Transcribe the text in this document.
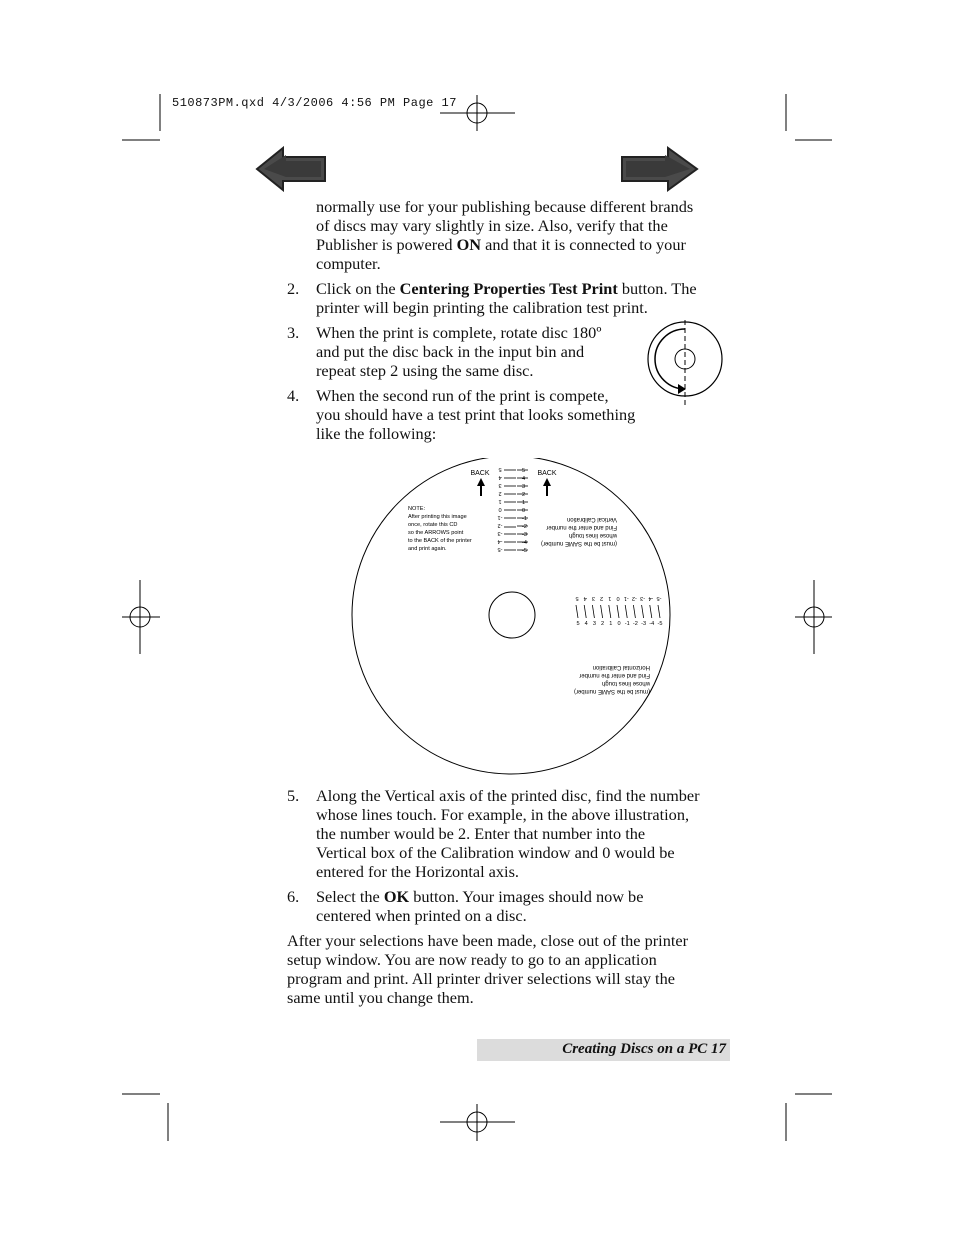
510873PM.qxd 4/3/2006 4:56 PM Page 17
normally use for your publishing because different brands
of discs may vary slightly in size. Also, verify that the
Publisher is powered ON and that it is connected to your
computer.
2. Click on the Centering Properties Test Print button. The
printer will begin printing the calibration test print.
3. When the print is complete, rotate disc 180º
and put the disc back in the input bin and
repeat step 2 using the same disc.
4. When the second run of the print is compete,
you should have a test print that looks something
like the following:
BACK	BACK
NOTE:
After printing this image
once, rotate this CD
so the ARROWS point
to the BACK of the printer
and print again.
5
4
3
2
1
0
-1
-2
-3
-4
-5
5
4
3
2
1
0
-1
-2
-3
-4
-5
Vertical Calibration
Find and enter the number
whose lines tough
(must be the SAME number)
5 4 3 2 1 0 -1 -2 -3 -4 -5
5 4 3 2 1 0 -1 -2 -3 -4 -5
Horizontal Calibration
Find and enter the number
whose lines tough
(must be the SAME number)
5. Along the Vertical axis of the printed disc, find the number
whose lines touch. For example, in the above illustration,
the number would be 2. Enter that number into the
Vertical box of the Calibration window and 0 would be
entered for the Horizontal axis.
6. Select the OK button. Your images should now be
centered when printed on a disc.
After your selections have been made, close out of the printer
setup window. You are now ready to go to an application
program and print. All printer driver selections will stay the
same until you change them.
Creating Discs on a PC 17
